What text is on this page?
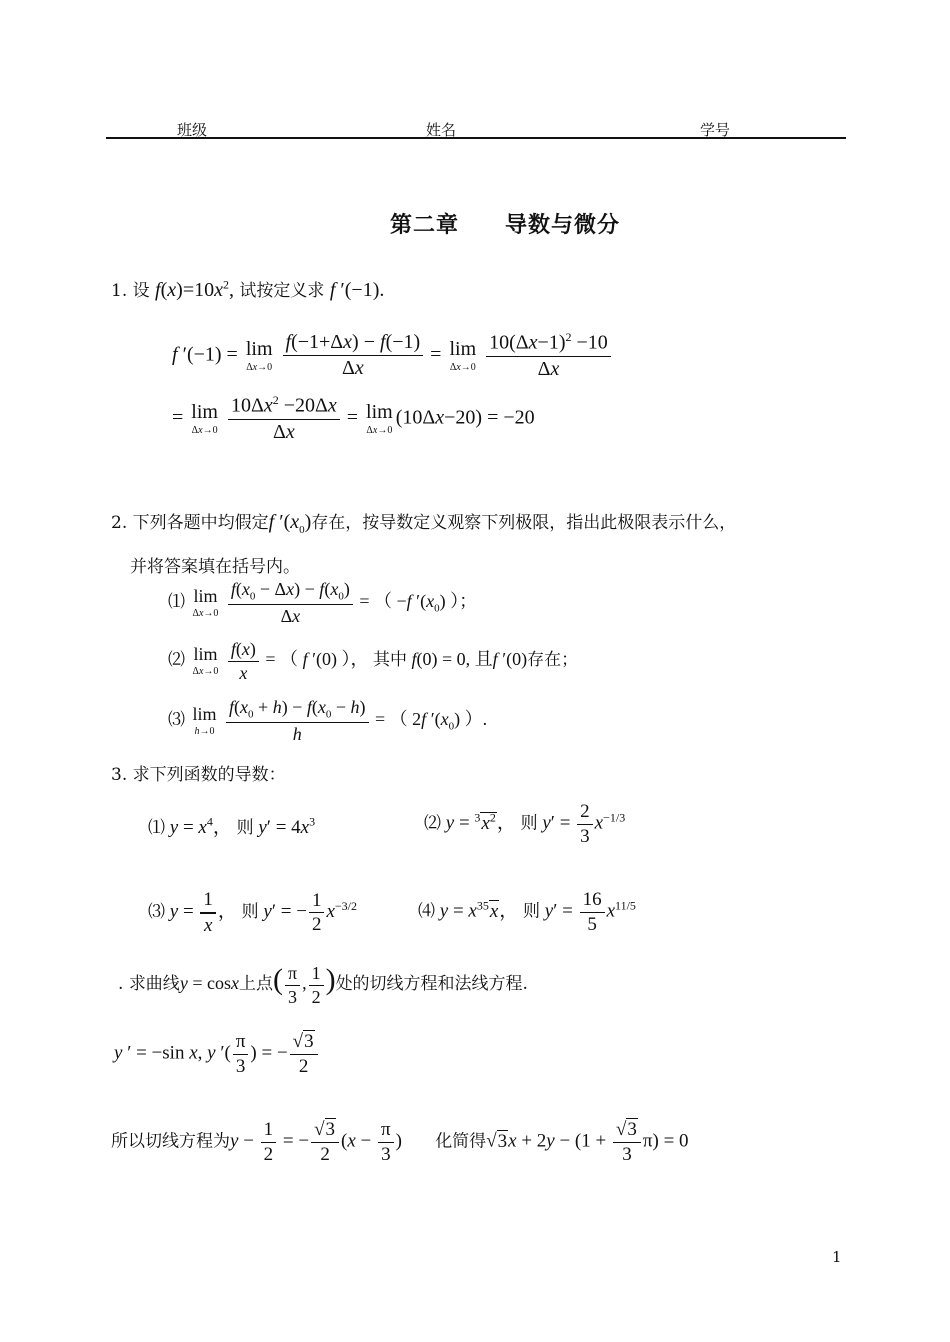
班级	姓名	学号
第二章　　导数与微分
1. 设 $f(x)=10x^2$, 试按定义求 f ′(−1).
f ′(−1) = lim
Δx→0
$\frac{f(-1+\Delta x) - f(-1)}{\Delta x} = \lim$
Δx→0
$\frac{10(\Delta x-1)^2 -10}{\Delta x}$
= lim
Δx→0
$\frac{10\Delta x^2 -20\Delta x}{\Delta x} = \lim$
Δx→0
(10Δx−20) = −20
2. 下列各题中均假定f $'(x_0)$存在，按导数定义观察下列极限，指出此极限表示什么，
并将答案填在括号内。
⑴ lim
Δx→0
$\frac{f(x_0 - \Delta x) - f(x_0)}{\Delta x}$ = （ −f $'(x_0)$ ）；
⑵ lim
Δx→0
$\frac{f(x)}{x}$ = （ f ′(0) ）， 其中 f(0) = 0, 且f ′(0)存在；
⑶ lim
h→0
$\frac{f(x_0 + h) - f(x_0 - h)}{h}$ = （ 2f $'(x_0)$ ）.
3. 求下列函数的导数：
⑴ $y = x^4$， 则 $y' = 4x^3$	⑵ $y = ^3x^2$， 则 $y' = \frac{2}{3} x^{-1/3}$
⑶ $y = \frac{1}{x}$ ， 则 y′ = − $\frac{1}{2} x^{-3/2}$	⑷ $y = x^{35}x$， 则 $y' = \frac{16}{5} x^{11/5}$
. 求曲线y = cosx上点( $\frac{\pi}{3}$ , $\frac{1}{2}$ )处的切线方程和法线方程.
y ′ = −sin x, y ′( $\frac{\pi}{3}$ ) = − $\frac{√3}{2}$
所以切线方程为$y - \frac{1}{2}$ = − $\frac{√3}{2} (x - \frac{\pi}{3}$ )       化简得$√3x + 2y - (1 + \frac{√3}{3} \pi) = 0$
1
